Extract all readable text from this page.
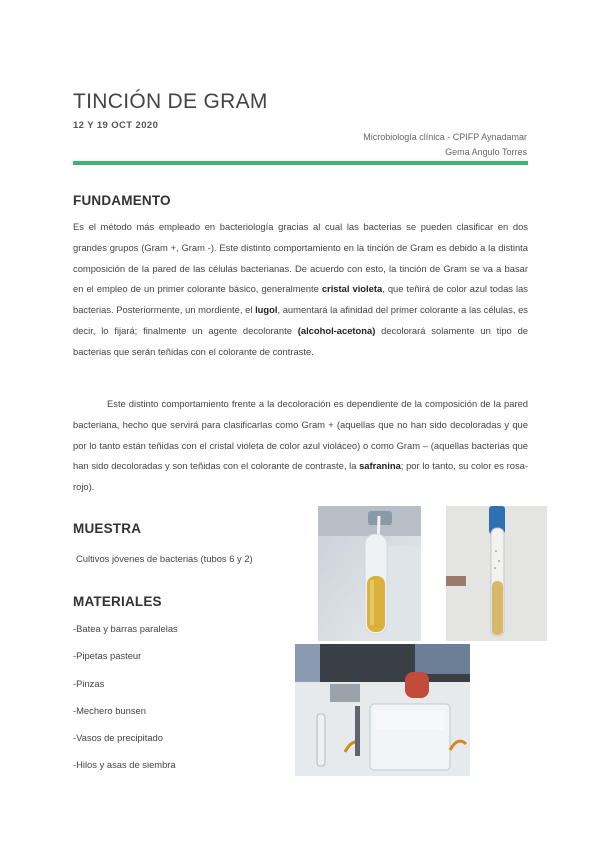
TINCIÓN DE GRAM
12 Y 19 OCT 2020
Microbiología clínica - CPIFP Aynadamar
Gema Angulo Torres
FUNDAMENTO
Es el método más empleado en bacteriología gracias al cual las bacterias se pueden clasificar en dos grandes grupos (Gram +, Gram -). Este distinto comportamiento en la tinción de Gram es debido a la distinta composición de la pared de las células bacterianas. De acuerdo con esto, la tinción de Gram se va a basar en el empleo de un primer colorante básico, generalmente cristal violeta, que teñirá de color azul todas las bacterias. Posteriormente, un mordiente, el lugol, aumentará la afinidad del primer colorante a las células, es decir, lo fijará; finalmente un agente decolorante (alcohol-acetona) decolorará solamente un tipo de bacterias que serán teñidas con el colorante de contraste.
Este distinto comportamiento frente a la decoloración es dependiente de la composición de la pared bacteriana, hecho que servirá para clasificarlas como Gram + (aquellas que no han sido decoloradas y que por lo tanto están teñidas con el cristal violeta de color azul violáceo) o como Gram – (aquellas bacterias que han sido decoloradas y son teñidas con el colorante de contraste, la safranina; por lo tanto, su color es rosa-rojo).
MUESTRA
Cultivos jóvenes de bacterias (tubos 6 y 2)
MATERIALES
-Batea y barras paralelas
-Pipetas pasteur
-Pinzas
-Mechero bunsen
-Vasos de precipitado
-Hilos y asas de siembra
